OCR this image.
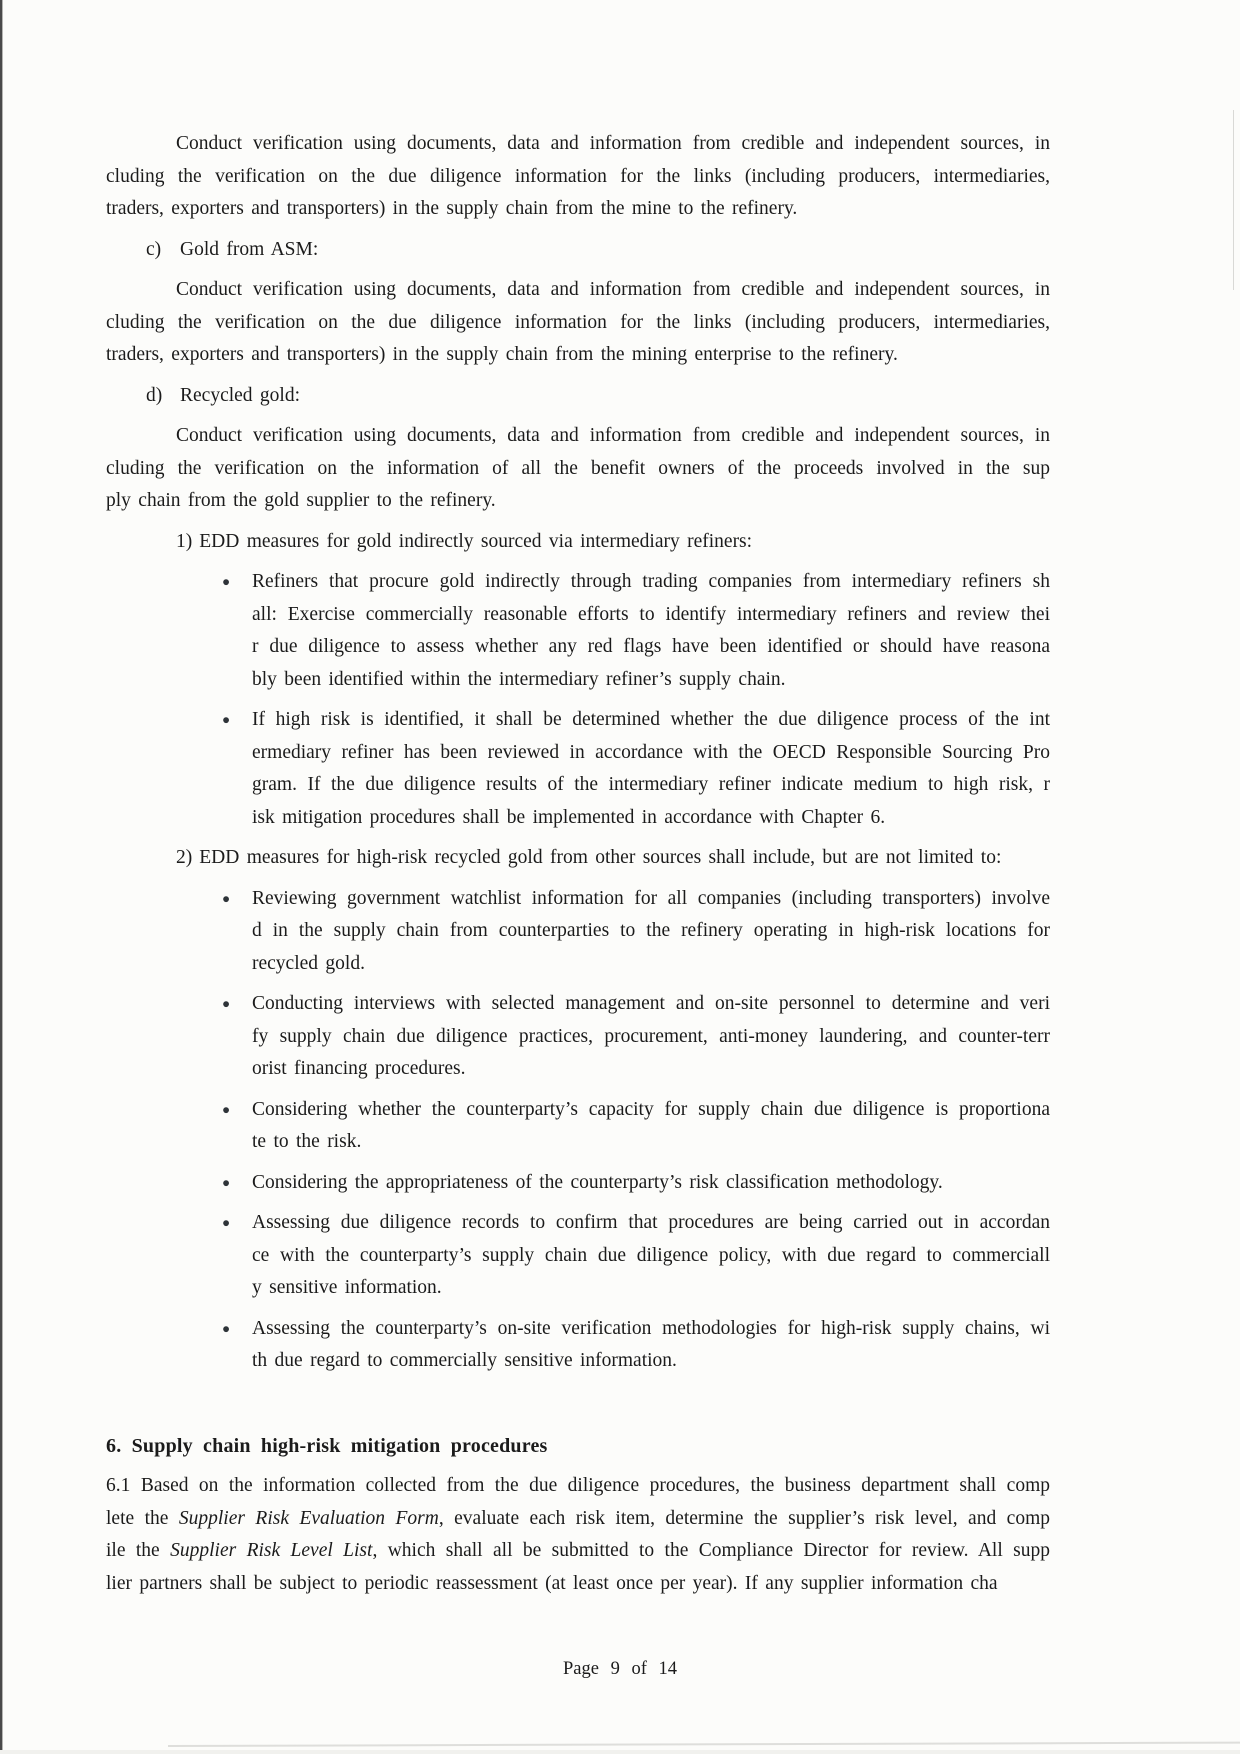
Conduct verification using documents, data and information from credible and independent sources, in
cluding the verification on the due diligence information for the links (including producers, intermediaries,
traders, exporters and transporters) in the supply chain from the mine to the refinery.
c) Gold from ASM:
Conduct verification using documents, data and information from credible and independent sources, in
cluding the verification on the due diligence information for the links (including producers, intermediaries,
traders, exporters and transporters) in the supply chain from the mining enterprise to the refinery.
d) Recycled gold:
Conduct verification using documents, data and information from credible and independent sources, in
cluding the verification on the information of all the benefit owners of the proceeds involved in the sup
ply chain from the gold supplier to the refinery.
1) EDD measures for gold indirectly sourced via intermediary refiners:
● Refiners that procure gold indirectly through trading companies from intermediary refiners sh
all: Exercise commercially reasonable efforts to identify intermediary refiners and review thei
r due diligence to assess whether any red flags have been identified or should have reasona
bly been identified within the intermediary refiner’s supply chain.
● If high risk is identified, it shall be determined whether the due diligence process of the int
ermediary refiner has been reviewed in accordance with the OECD Responsible Sourcing Pro
gram. If the due diligence results of the intermediary refiner indicate medium to high risk, r
isk mitigation procedures shall be implemented in accordance with Chapter 6.
2) EDD measures for high-risk recycled gold from other sources shall include, but are not limited to:
● Reviewing government watchlist information for all companies (including transporters) involve
d in the supply chain from counterparties to the refinery operating in high-risk locations for
recycled gold.
● Conducting interviews with selected management and on-site personnel to determine and veri
fy supply chain due diligence practices, procurement, anti-money laundering, and counter-terr
orist financing procedures.
● Considering whether the counterparty’s capacity for supply chain due diligence is proportiona
te to the risk.
● Considering the appropriateness of the counterparty’s risk classification methodology.
● Assessing due diligence records to confirm that procedures are being carried out in accordan
ce with the counterparty’s supply chain due diligence policy, with due regard to commerciall
y sensitive information.
● Assessing the counterparty’s on-site verification methodologies for high-risk supply chains, wi
th due regard to commercially sensitive information.
6. Supply chain high-risk mitigation procedures
6.1 Based on the information collected from the due diligence procedures, the business department shall comp
lete the Supplier Risk Evaluation Form, evaluate each risk item, determine the supplier’s risk level, and comp
ile the Supplier Risk Level List, which shall all be submitted to the Compliance Director for review. All supp
lier partners shall be subject to periodic reassessment (at least once per year). If any supplier information cha
Page 9 of 14
